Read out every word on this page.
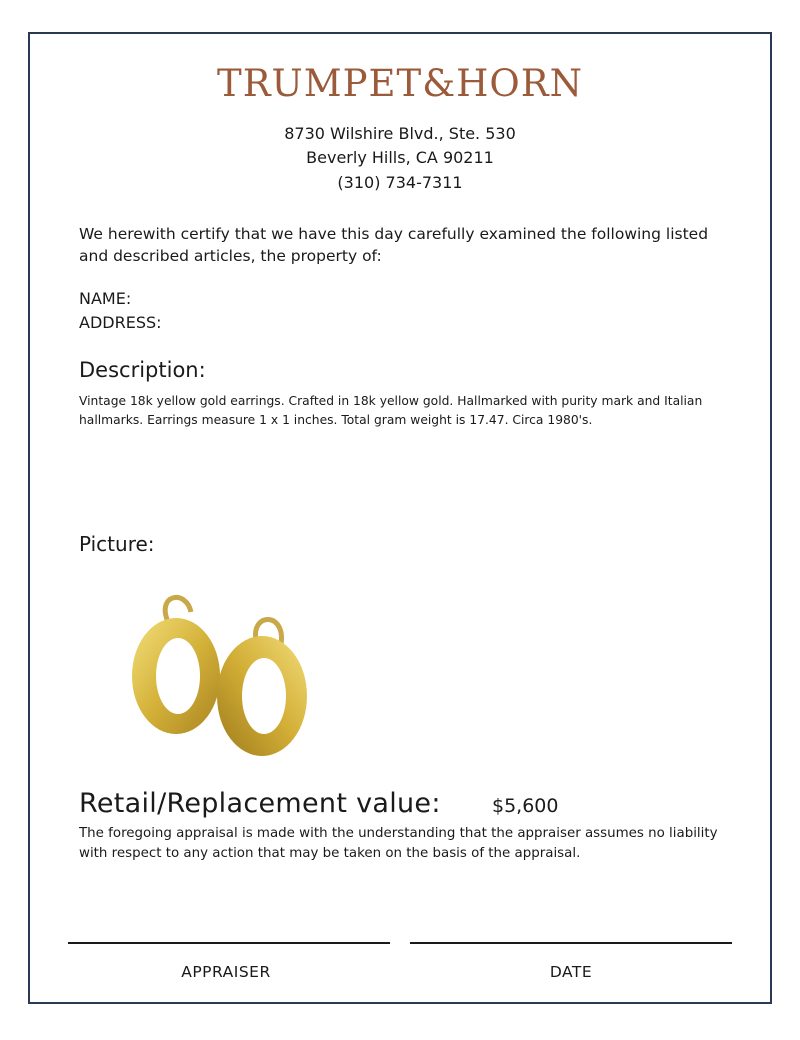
TRUMPET&HORN
8730 Wilshire Blvd., Ste. 530
Beverly Hills, CA 90211
(310) 734-7311
We herewith certify that we have this day carefully examined the following listed and described articles, the property of:
NAME:
ADDRESS:
Description:
Vintage 18k yellow gold earrings. Crafted in 18k yellow gold. Hallmarked with purity mark and Italian hallmarks. Earrings measure 1 x 1 inches. Total gram weight is 17.47. Circa 1980's.
Picture:
Retail/Replacement value:	$5,600
The foregoing appraisal is made with the understanding that the appraiser assumes no liability with respect to any action that may be taken on the basis of the appraisal.
APPRAISER	DATE
